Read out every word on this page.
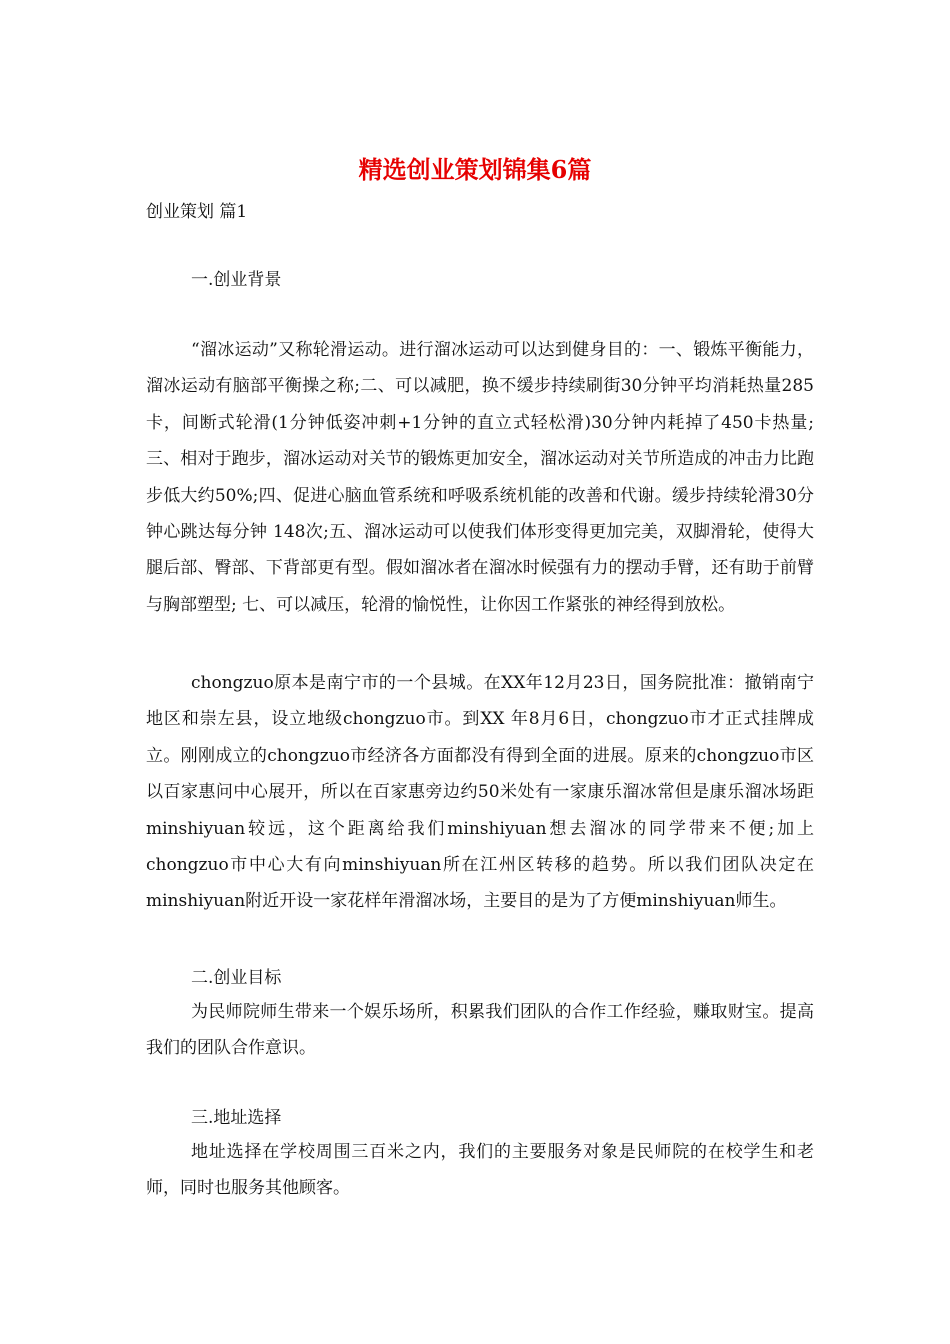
精选创业策划锦集6篇

创业策划 篇1

一.创业背景

“溜冰运动”又称轮滑运动。进行溜冰运动可以达到健身目的：一、锻炼平衡能力，溜冰运动有脑部平衡操之称;二、可以减肥，换不缓步持续刷街30分钟平均消耗热量285卡，间断式轮滑(1分钟低姿冲刺+1分钟的直立式轻松滑)30分钟内耗掉了450卡热量;三、相对于跑步，溜冰运动对关节的锻炼更加安全，溜冰运动对关节所造成的冲击力比跑步低大约50%;四、促进心脑血管系统和呼吸系统机能的改善和代谢。缓步持续轮滑30分钟心跳达每分钟 148次;五、溜冰运动可以使我们体形变得更加完美，双脚滑轮，使得大腿后部、臀部、下背部更有型。假如溜冰者在溜冰时候强有力的摆动手臂，还有助于前臂与胸部塑型; 七、可以减压，轮滑的愉悦性，让你因工作紧张的神经得到放松。

chongzuo原本是南宁市的一个县城。在XX年12月23日，国务院批准：撤销南宁地区和崇左县，设立地级chongzuo市。到XX 年8月6日，chongzuo市才正式挂牌成立。刚刚成立的chongzuo市经济各方面都没有得到全面的进展。原来的chongzuo市区以百家惠问中心展开，所以在百家惠旁边约50米处有一家康乐溜冰常但是康乐溜冰场距minshiyuan较远，这个距离给我们minshiyuan想去溜冰的同学带来不便;加上chongzuo市中心大有向minshiyuan所在江州区转移的趋势。所以我们团队决定在minshiyuan附近开设一家花样年滑溜冰场，主要目的是为了方便minshiyuan师生。

二.创业目标

为民师院师生带来一个娱乐场所，积累我们团队的合作工作经验，赚取财宝。提高我们的团队合作意识。

三.地址选择

地址选择在学校周围三百米之内，我们的主要服务对象是民师院的在校学生和老师，同时也服务其他顾客。
